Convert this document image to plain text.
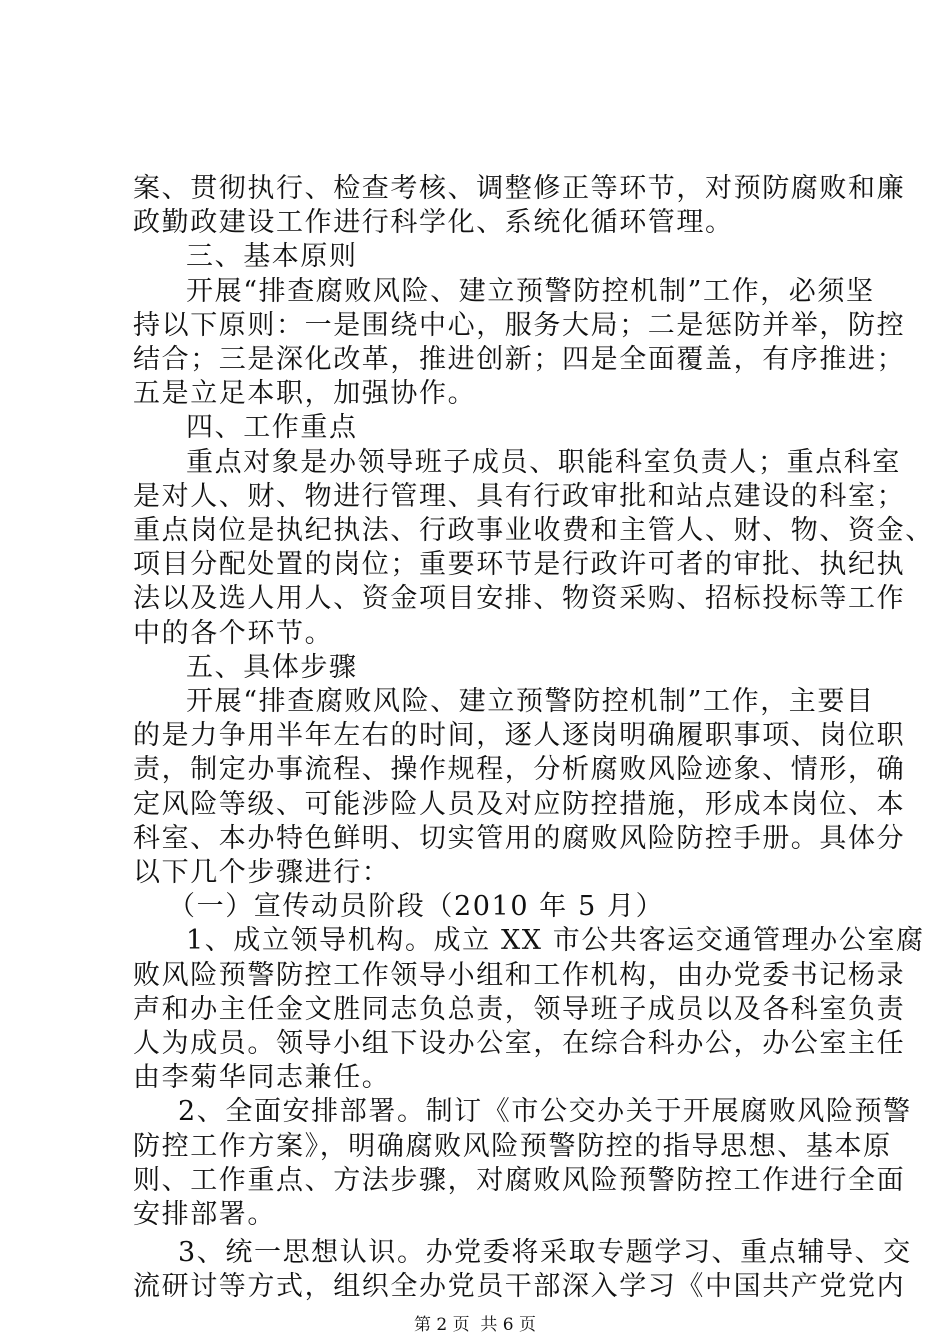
案、贯彻执行、检查考核、调整修正等环节，对预防腐败和廉
政勤政建设工作进行科学化、系统化循环管理。
三、基本原则
开展“排查腐败风险、建立预警防控机制”工作，必须坚
持以下原则：一是围绕中心，服务大局；二是惩防并举，防控
结合；三是深化改革，推进创新；四是全面覆盖，有序推进；
五是立足本职，加强协作。
四、工作重点
重点对象是办领导班子成员、职能科室负责人；重点科室
是对人、财、物进行管理、具有行政审批和站点建设的科室；
重点岗位是执纪执法、行政事业收费和主管人、财、物、资金、
项目分配处置的岗位；重要环节是行政许可者的审批、执纪执
法以及选人用人、资金项目安排、物资采购、招标投标等工作
中的各个环节。
五、具体步骤
开展“排查腐败风险、建立预警防控机制”工作，主要目
的是力争用半年左右的时间，逐人逐岗明确履职事项、岗位职
责，制定办事流程、操作规程，分析腐败风险迹象、情形，确
定风险等级、可能涉险人员及对应防控措施，形成本岗位、本
科室、本办特色鲜明、切实管用的腐败风险防控手册。具体分
以下几个步骤进行：
（一）宣传动员阶段（2010 年 5 月）
1、成立领导机构。成立 XX 市公共客运交通管理办公室腐
败风险预警防控工作领导小组和工作机构，由办党委书记杨录
声和办主任金文胜同志负总责，领导班子成员以及各科室负责
人为成员。领导小组下设办公室，在综合科办公，办公室主任
由李菊华同志兼任。
2、全面安排部署。制订《市公交办关于开展腐败风险预警
防控工作方案》，明确腐败风险预警防控的指导思想、基本原
则、工作重点、方法步骤，对腐败风险预警防控工作进行全面
安排部署。
3、统一思想认识。办党委将采取专题学习、重点辅导、交
流研讨等方式，组织全办党员干部深入学习《中国共产党党内
第 2 页 共 6 页
